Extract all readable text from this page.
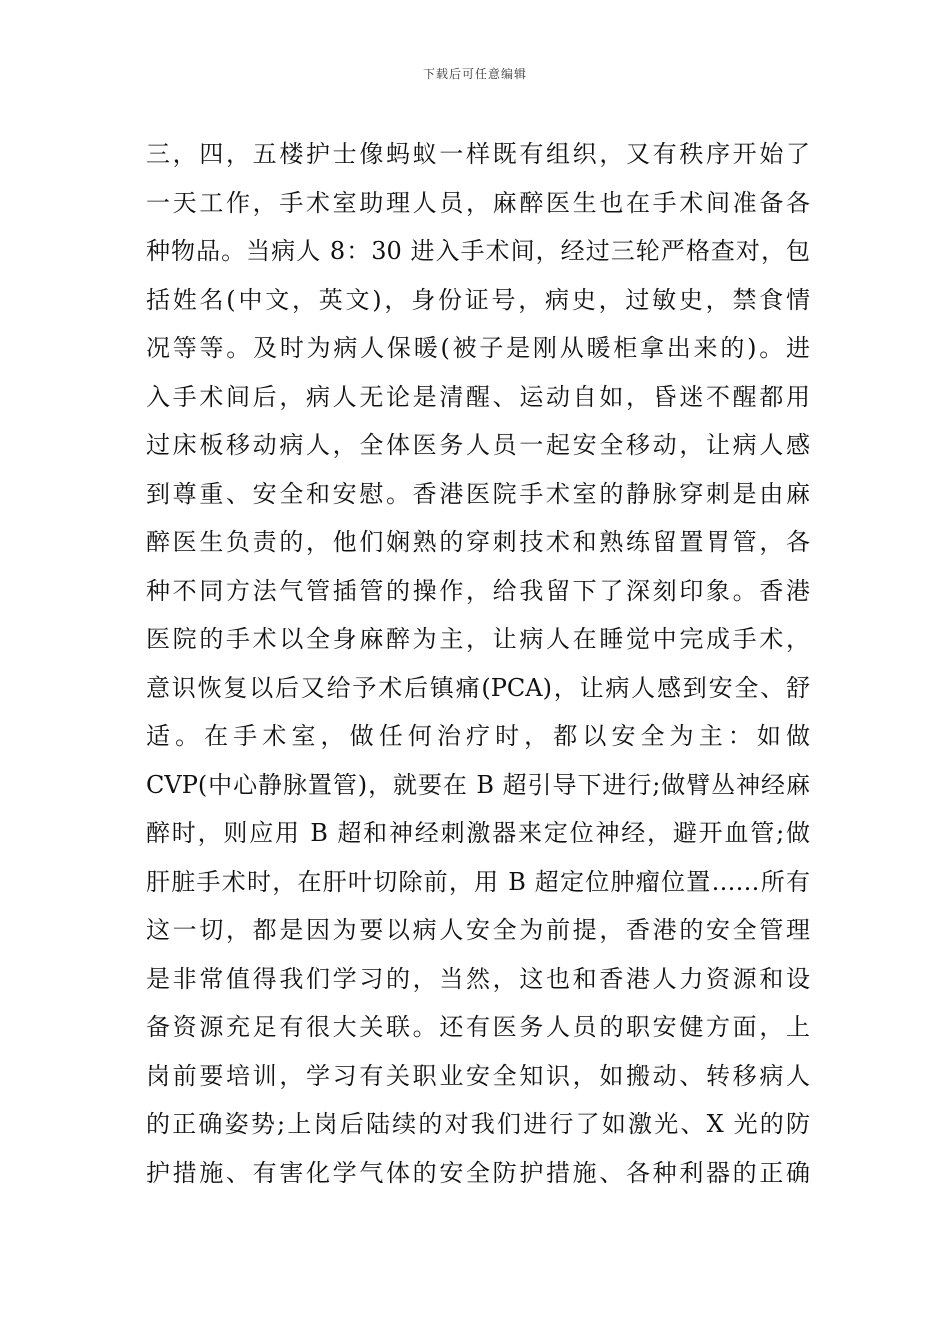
下载后可任意编辑
三，四，五楼护士像蚂蚁一样既有组织，又有秩序开始了
一天工作，手术室助理人员，麻醉医生也在手术间准备各
种物品。当病人 8：30 进入手术间，经过三轮严格查对，包
括姓名(中文，英文)，身份证号，病史，过敏史，禁食情
况等等。及时为病人保暖(被子是刚从暖柜拿出来的)。进
入手术间后，病人无论是清醒、运动自如，昏迷不醒都用
过床板移动病人，全体医务人员一起安全移动，让病人感
到尊重、安全和安慰。香港医院手术室的静脉穿刺是由麻
醉医生负责的，他们娴熟的穿刺技术和熟练留置胃管，各
种不同方法气管插管的操作，给我留下了深刻印象。香港
医院的手术以全身麻醉为主，让病人在睡觉中完成手术，
意识恢复以后又给予术后镇痛(PCA)，让病人感到安全、舒
适。在手术室，做任何治疗时，都以安全为主：如做
CVP(中心静脉置管)，就要在 B 超引导下进行;做臂丛神经麻
醉时，则应用 B 超和神经刺激器来定位神经，避开血管;做
肝脏手术时，在肝叶切除前，用 B 超定位肿瘤位置……所有
这一切，都是因为要以病人安全为前提，香港的安全管理
是非常值得我们学习的，当然，这也和香港人力资源和设
备资源充足有很大关联。还有医务人员的职安健方面，上
岗前要培训，学习有关职业安全知识，如搬动、转移病人
的正确姿势;上岗后陆续的对我们进行了如激光、X 光的防
护措施、有害化学气体的安全防护措施、各种利器的正确
